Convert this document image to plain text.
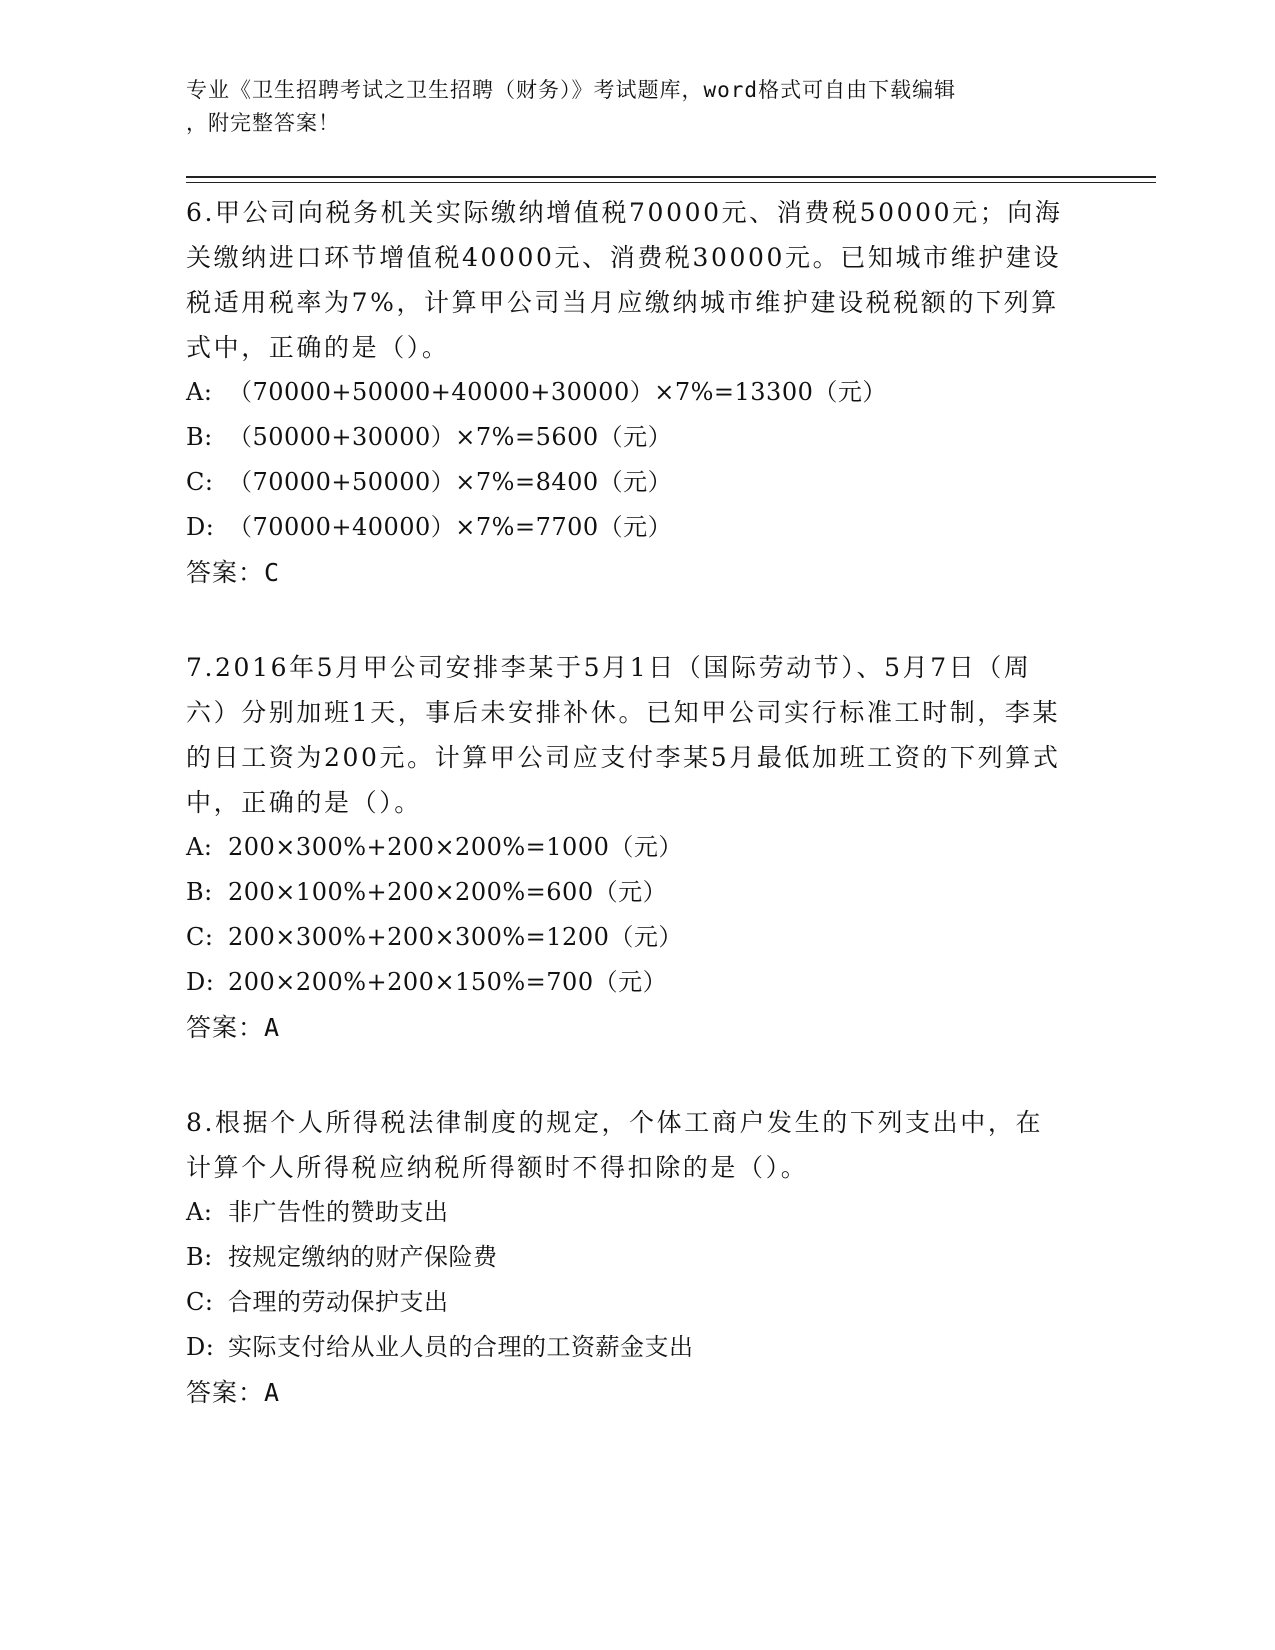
专业《卫生招聘考试之卫生招聘（财务）》考试题库，word格式可自由下载编辑
，附完整答案！

6.甲公司向税务机关实际缴纳增值税70000元、消费税50000元；向海关缴纳进口环节增值税40000元、消费税30000元。已知城市维护建设税适用税率为7%，计算甲公司当月应缴纳城市维护建设税税额的下列算式中，正确的是（）。

A: （70000+50000+40000+30000）×7%=13300（元）

B: （50000+30000）×7%=5600（元）

C: （70000+50000）×7%=8400（元）

D: （70000+40000）×7%=7700（元）

答案：C

7.2016年5月甲公司安排李某于5月1日（国际劳动节）、5月7日（周六）分别加班1天，事后未安排补休。已知甲公司实行标准工时制，李某的日工资为200元。计算甲公司应支付李某5月最低加班工资的下列算式中，正确的是（）。

A: 200×300%+200×200%=1000（元）

B: 200×100%+200×200%=600（元）

C: 200×300%+200×300%=1200（元）

D: 200×200%+200×150%=700（元）

答案：A

8.根据个人所得税法律制度的规定，个体工商户发生的下列支出中，在计算个人所得税应纳税所得额时不得扣除的是（）。

A: 非广告性的赞助支出

B: 按规定缴纳的财产保险费

C: 合理的劳动保护支出

D: 实际支付给从业人员的合理的工资薪金支出

答案：A
